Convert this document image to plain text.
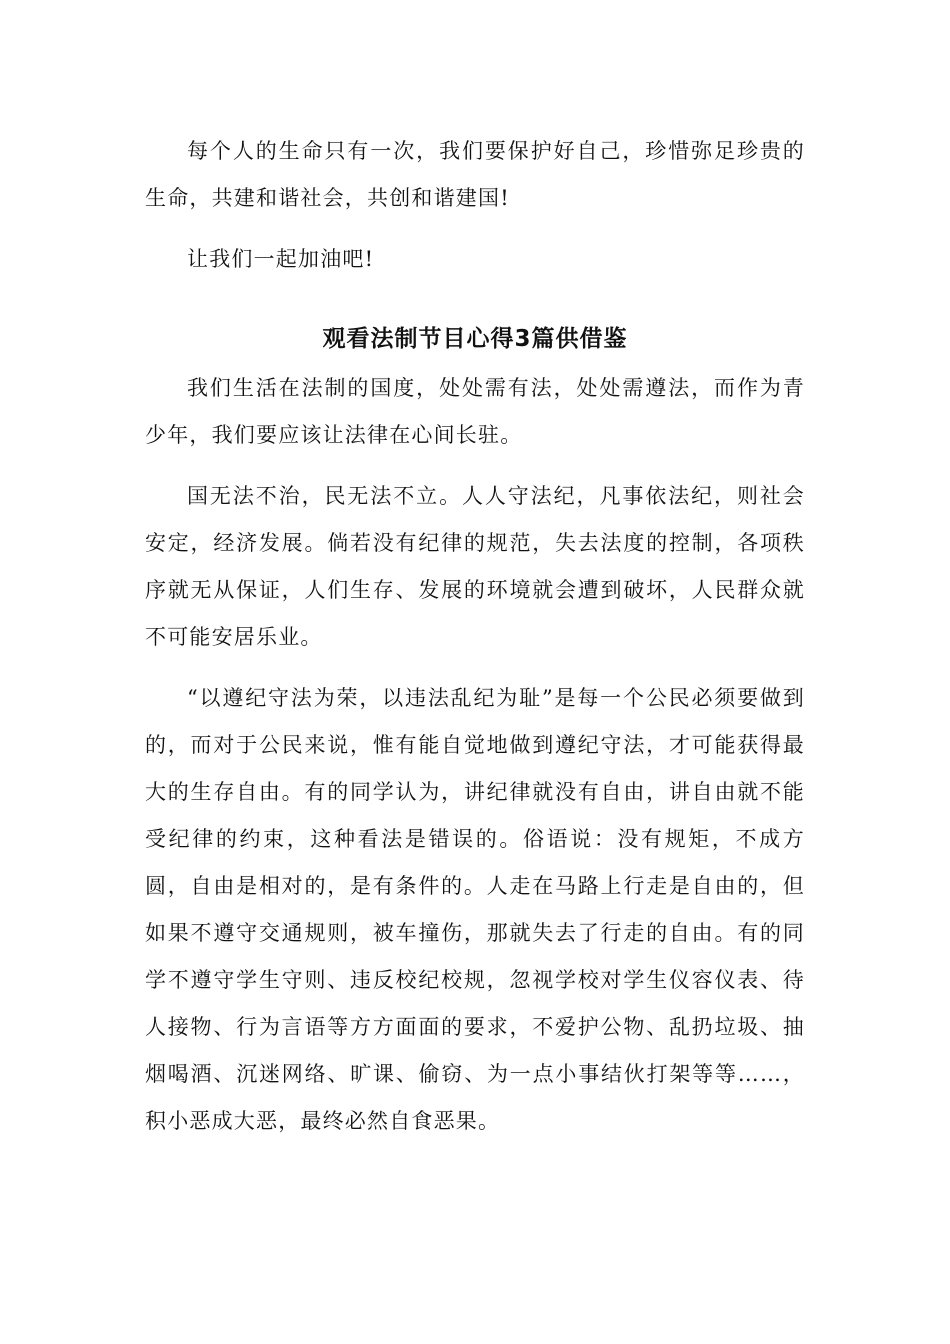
每个人的生命只有一次，我们要保护好自己，珍惜弥足珍贵的生命，共建和谐社会，共创和谐建国!

让我们一起加油吧!

观看法制节目心得3篇供借鉴

我们生活在法制的国度，处处需有法，处处需遵法，而作为青少年，我们要应该让法律在心间长驻。

国无法不治，民无法不立。人人守法纪，凡事依法纪，则社会安定，经济发展。倘若没有纪律的规范，失去法度的控制，各项秩序就无从保证，人们生存、发展的环境就会遭到破坏，人民群众就不可能安居乐业。

“以遵纪守法为荣，以违法乱纪为耻”是每一个公民必须要做到的，而对于公民来说，惟有能自觉地做到遵纪守法，才可能获得最大的生存自由。有的同学认为，讲纪律就没有自由，讲自由就不能受纪律的约束，这种看法是错误的。俗语说：没有规矩，不成方圆，自由是相对的，是有条件的。人走在马路上行走是自由的，但如果不遵守交通规则，被车撞伤，那就失去了行走的自由。有的同学不遵守学生守则、违反校纪校规，忽视学校对学生仪容仪表、待人接物、行为言语等方方面面的要求，不爱护公物、乱扔垃圾、抽烟喝酒、沉迷网络、旷课、偷窃、为一点小事结伙打架等等……，积小恶成大恶，最终必然自食恶果。
